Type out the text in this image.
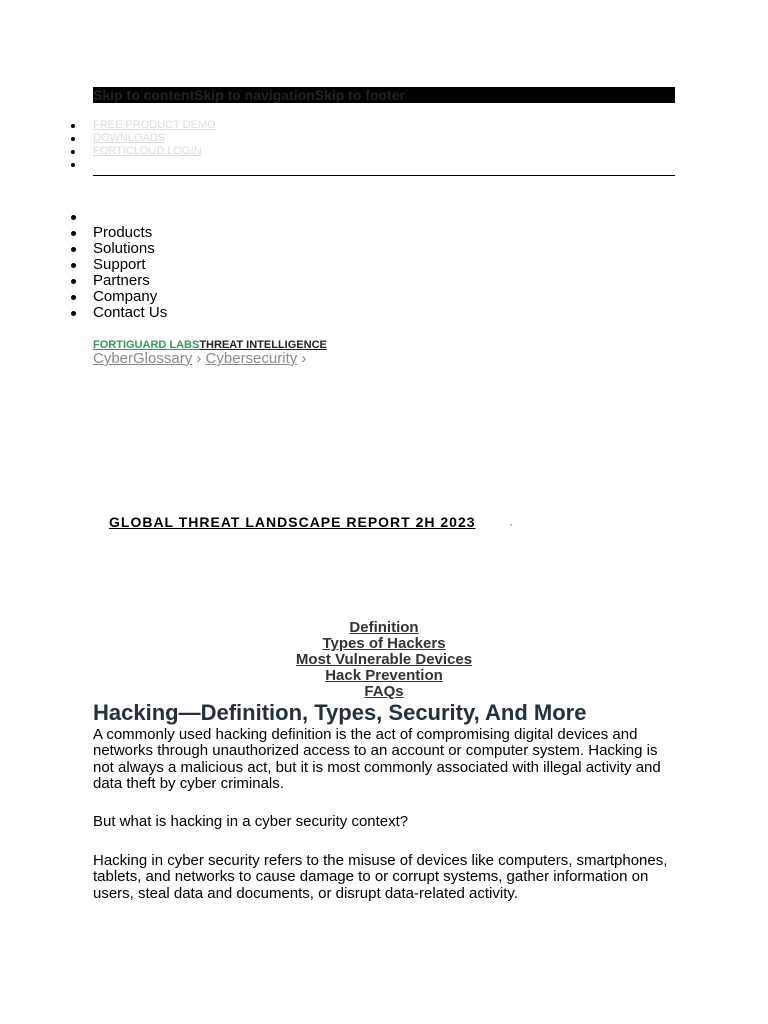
Skip to contentSkip to navigationSkip to footer
FREE PRODUCT DEMO
DOWNLOADS
FORTICLOUD LOGIN
Products
Solutions
Support
Partners
Company
Contact Us
FORTIGUARD LABSTHREAT INTELLIGENCE
CyberGlossary › Cybersecurity ›
GLOBAL THREAT LANDSCAPE REPORT 2H 2023
Definition
Types of Hackers
Most Vulnerable Devices
Hack Prevention
FAQs
Hacking—Definition, Types, Security, And More

A commonly used hacking definition is the act of compromising digital devices and networks through unauthorized access to an account or computer system. Hacking is not always a malicious act, but it is most commonly associated with illegal activity and data theft by cyber criminals.

But what is hacking in a cyber security context?

Hacking in cyber security refers to the misuse of devices like computers, smartphones, tablets, and networks to cause damage to or corrupt systems, gather information on users, steal data and documents, or disrupt data-related activity.
